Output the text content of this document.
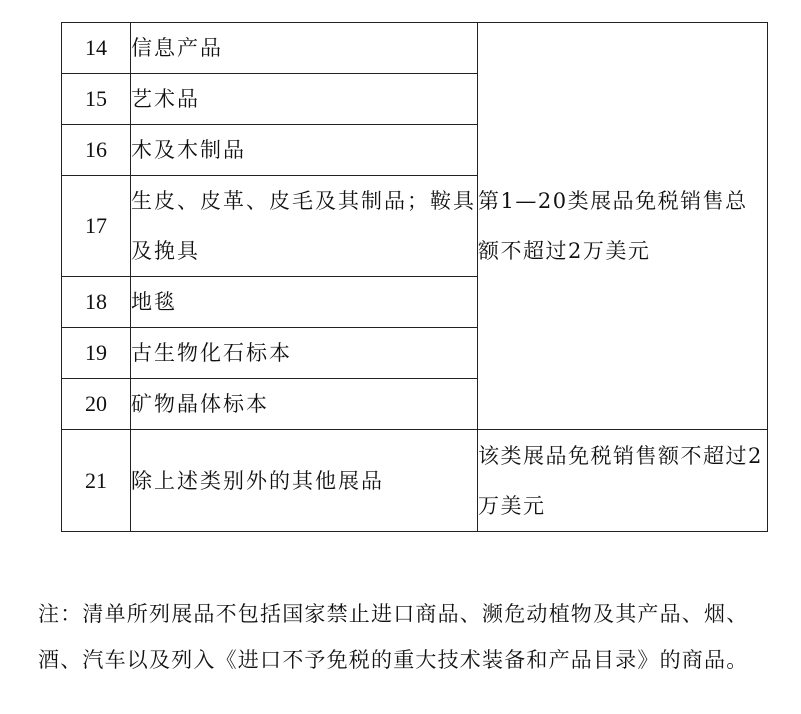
14	信息产品	第1—20类展品免税销售总额不超过2万美元
15	艺术品	
16	木及木制品	
17	生皮、皮革、皮毛及其制品；鞍具及挽具	
18	地毯	
19	古生物化石标本	
20	矿物晶体标本	
21	除上述类别外的其他展品	该类展品免税销售额不超过2万美元
注：清单所列展品不包括国家禁止进口商品、濒危动植物及其产品、烟、酒、汽车以及列入《进口不予免税的重大技术装备和产品目录》的商品。
